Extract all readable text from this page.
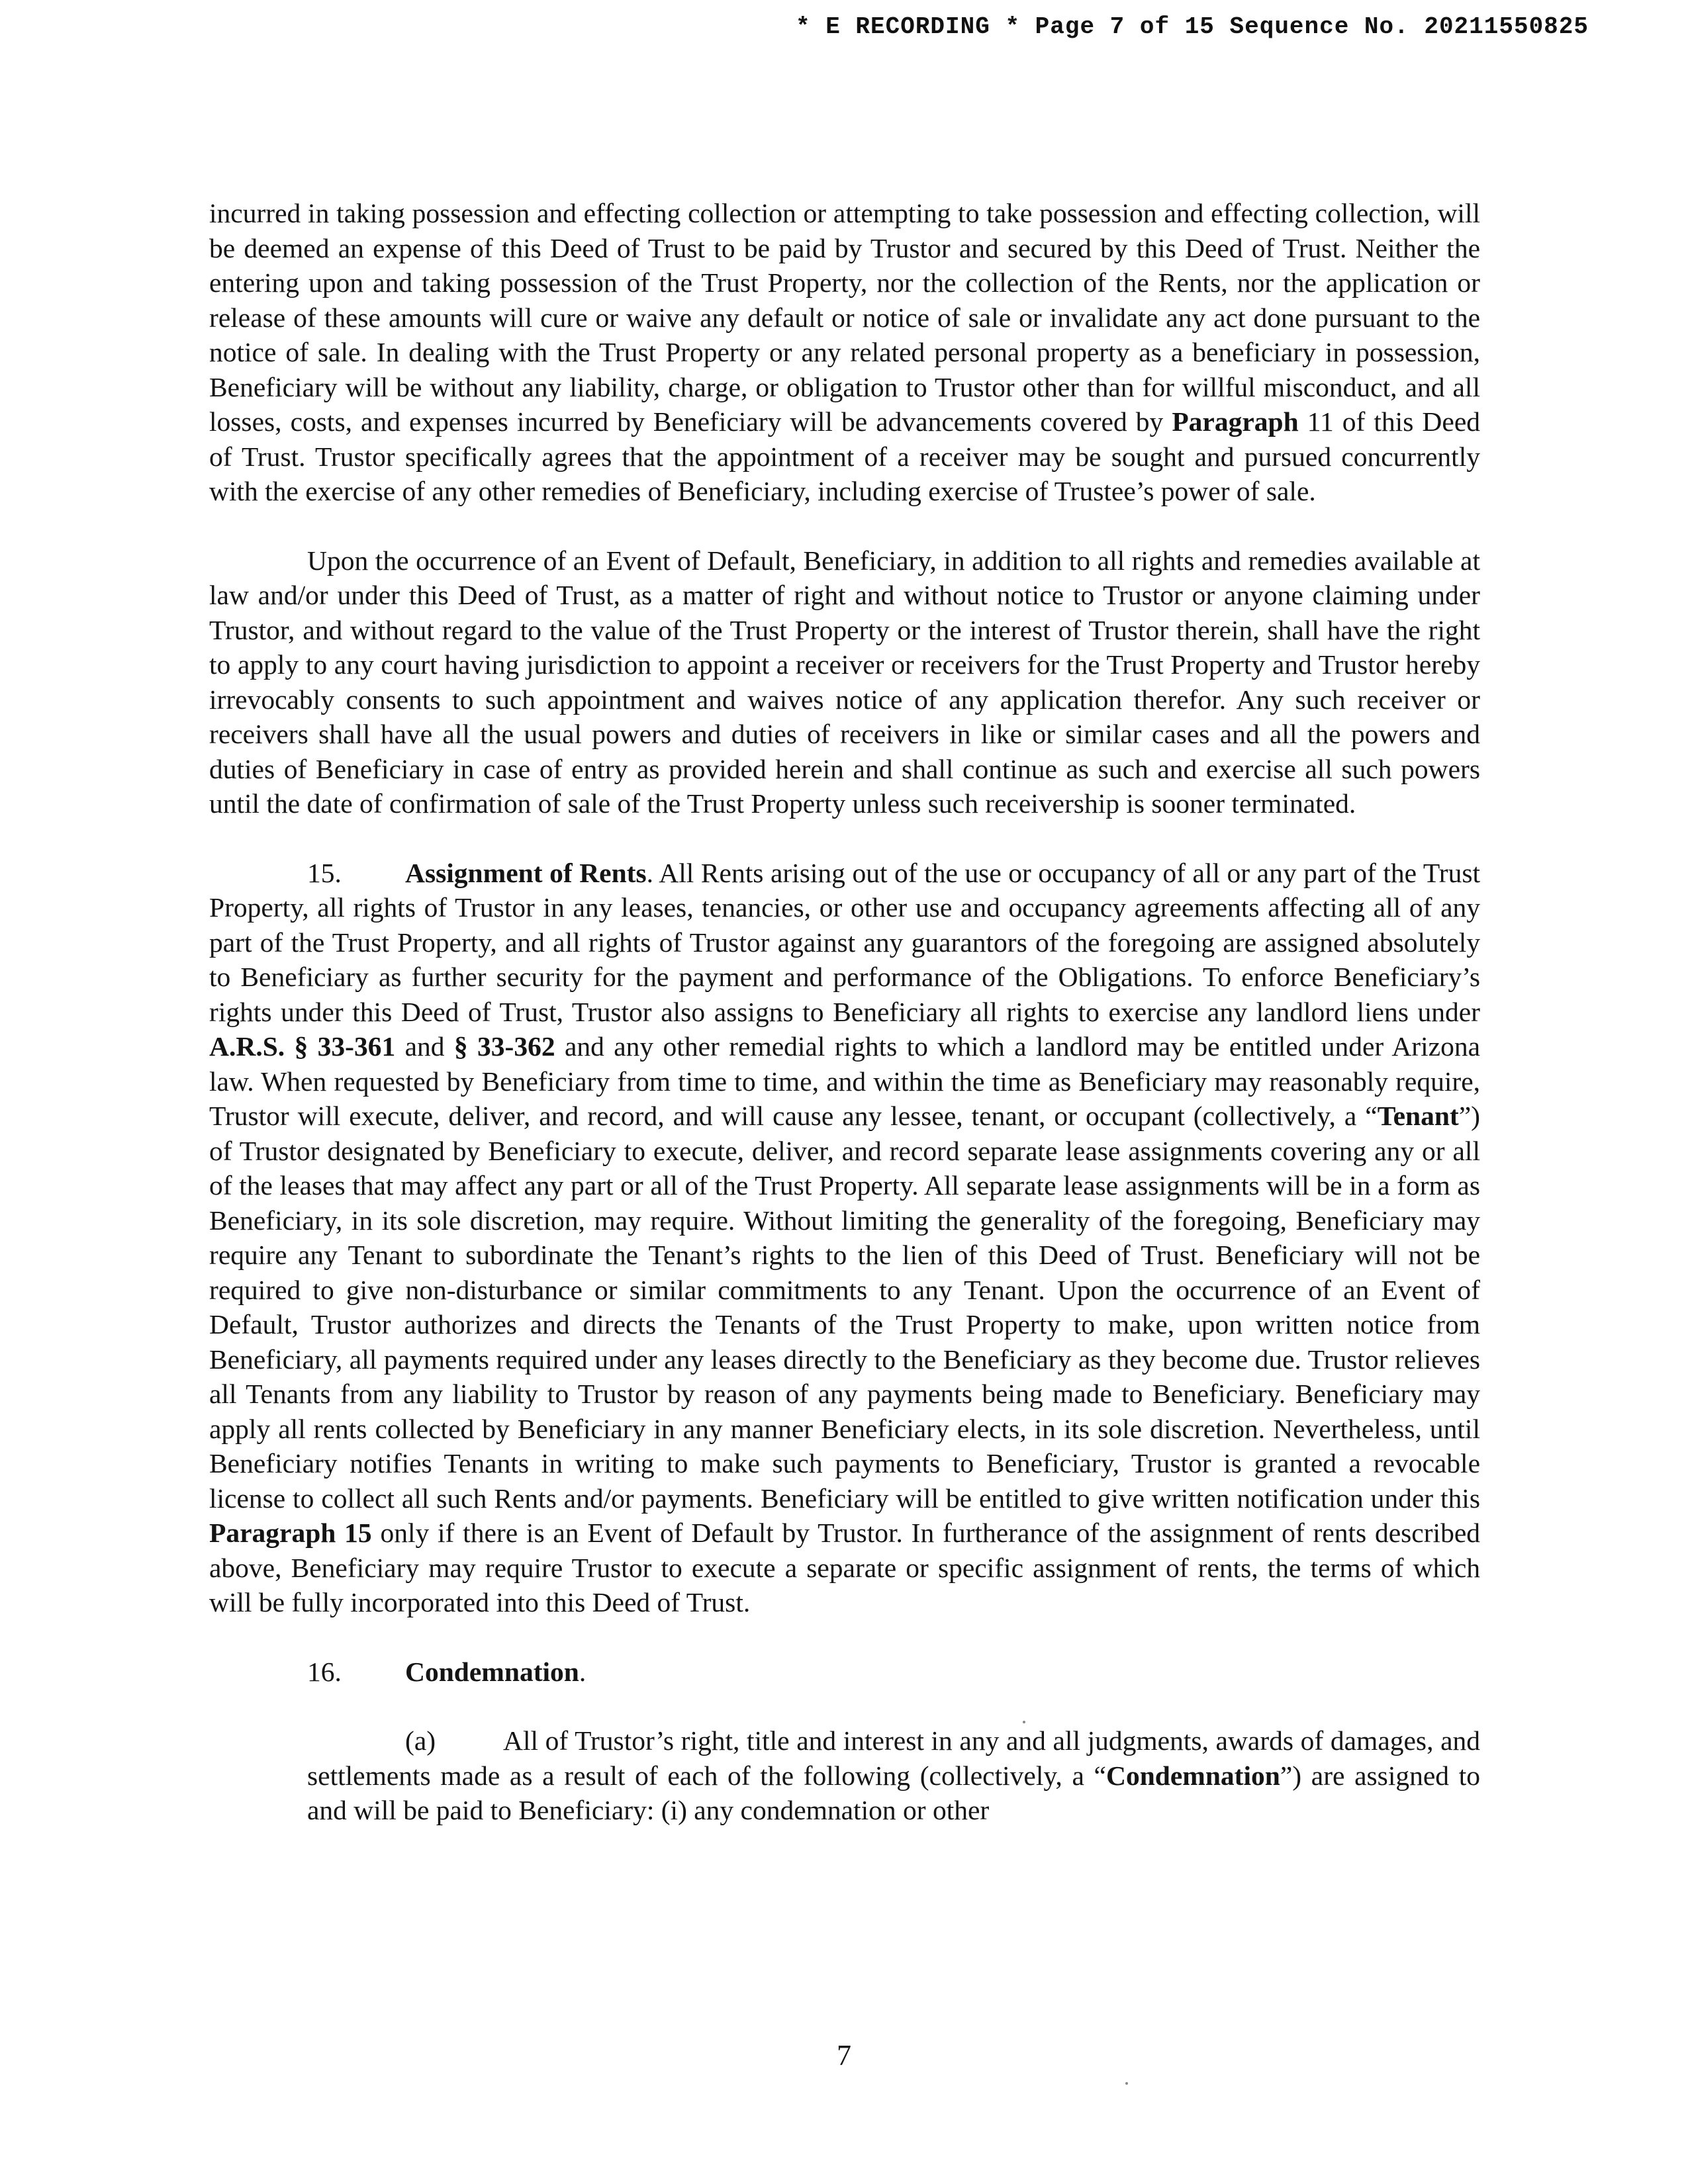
* E RECORDING * Page 7 of 15 Sequence No. 20211550825

incurred in taking possession and effecting collection or attempting to take possession and effecting collection, will be deemed an expense of this Deed of Trust to be paid by Trustor and secured by this Deed of Trust. Neither the entering upon and taking possession of the Trust Property, nor the collection of the Rents, nor the application or release of these amounts will cure or waive any default or notice of sale or invalidate any act done pursuant to the notice of sale. In dealing with the Trust Property or any related personal property as a beneficiary in possession, Beneficiary will be without any liability, charge, or obligation to Trustor other than for willful misconduct, and all losses, costs, and expenses incurred by Beneficiary will be advancements covered by Paragraph 11 of this Deed of Trust. Trustor specifically agrees that the appointment of a receiver may be sought and pursued concurrently with the exercise of any other remedies of Beneficiary, including exercise of Trustee’s power of sale.

Upon the occurrence of an Event of Default, Beneficiary, in addition to all rights and remedies available at law and/or under this Deed of Trust, as a matter of right and without notice to Trustor or anyone claiming under Trustor, and without regard to the value of the Trust Property or the interest of Trustor therein, shall have the right to apply to any court having jurisdiction to appoint a receiver or receivers for the Trust Property and Trustor hereby irrevocably consents to such appointment and waives notice of any application therefor. Any such receiver or receivers shall have all the usual powers and duties of receivers in like or similar cases and all the powers and duties of Beneficiary in case of entry as provided herein and shall continue as such and exercise all such powers until the date of confirmation of sale of the Trust Property unless such receivership is sooner terminated.

15. Assignment of Rents. All Rents arising out of the use or occupancy of all or any part of the Trust Property, all rights of Trustor in any leases, tenancies, or other use and occupancy agreements affecting all of any part of the Trust Property, and all rights of Trustor against any guarantors of the foregoing are assigned absolutely to Beneficiary as further security for the payment and performance of the Obligations. To enforce Beneficiary’s rights under this Deed of Trust, Trustor also assigns to Beneficiary all rights to exercise any landlord liens under A.R.S. § 33-361 and § 33-362 and any other remedial rights to which a landlord may be entitled under Arizona law. When requested by Beneficiary from time to time, and within the time as Beneficiary may reasonably require, Trustor will execute, deliver, and record, and will cause any lessee, tenant, or occupant (collectively, a “Tenant”) of Trustor designated by Beneficiary to execute, deliver, and record separate lease assignments covering any or all of the leases that may affect any part or all of the Trust Property. All separate lease assignments will be in a form as Beneficiary, in its sole discretion, may require. Without limiting the generality of the foregoing, Beneficiary may require any Tenant to subordinate the Tenant’s rights to the lien of this Deed of Trust. Beneficiary will not be required to give non-disturbance or similar commitments to any Tenant. Upon the occurrence of an Event of Default, Trustor authorizes and directs the Tenants of the Trust Property to make, upon written notice from Beneficiary, all payments required under any leases directly to the Beneficiary as they become due. Trustor relieves all Tenants from any liability to Trustor by reason of any payments being made to Beneficiary. Beneficiary may apply all rents collected by Beneficiary in any manner Beneficiary elects, in its sole discretion. Nevertheless, until Beneficiary notifies Tenants in writing to make such payments to Beneficiary, Trustor is granted a revocable license to collect all such Rents and/or payments. Beneficiary will be entitled to give written notification under this Paragraph 15 only if there is an Event of Default by Trustor. In furtherance of the assignment of rents described above, Beneficiary may require Trustor to execute a separate or specific assignment of rents, the terms of which will be fully incorporated into this Deed of Trust.

16. Condemnation.

(a) All of Trustor’s right, title and interest in any and all judgments, awards of damages, and settlements made as a result of each of the following (collectively, a “Condemnation”) are assigned to and will be paid to Beneficiary: (i) any condemnation or other

7
